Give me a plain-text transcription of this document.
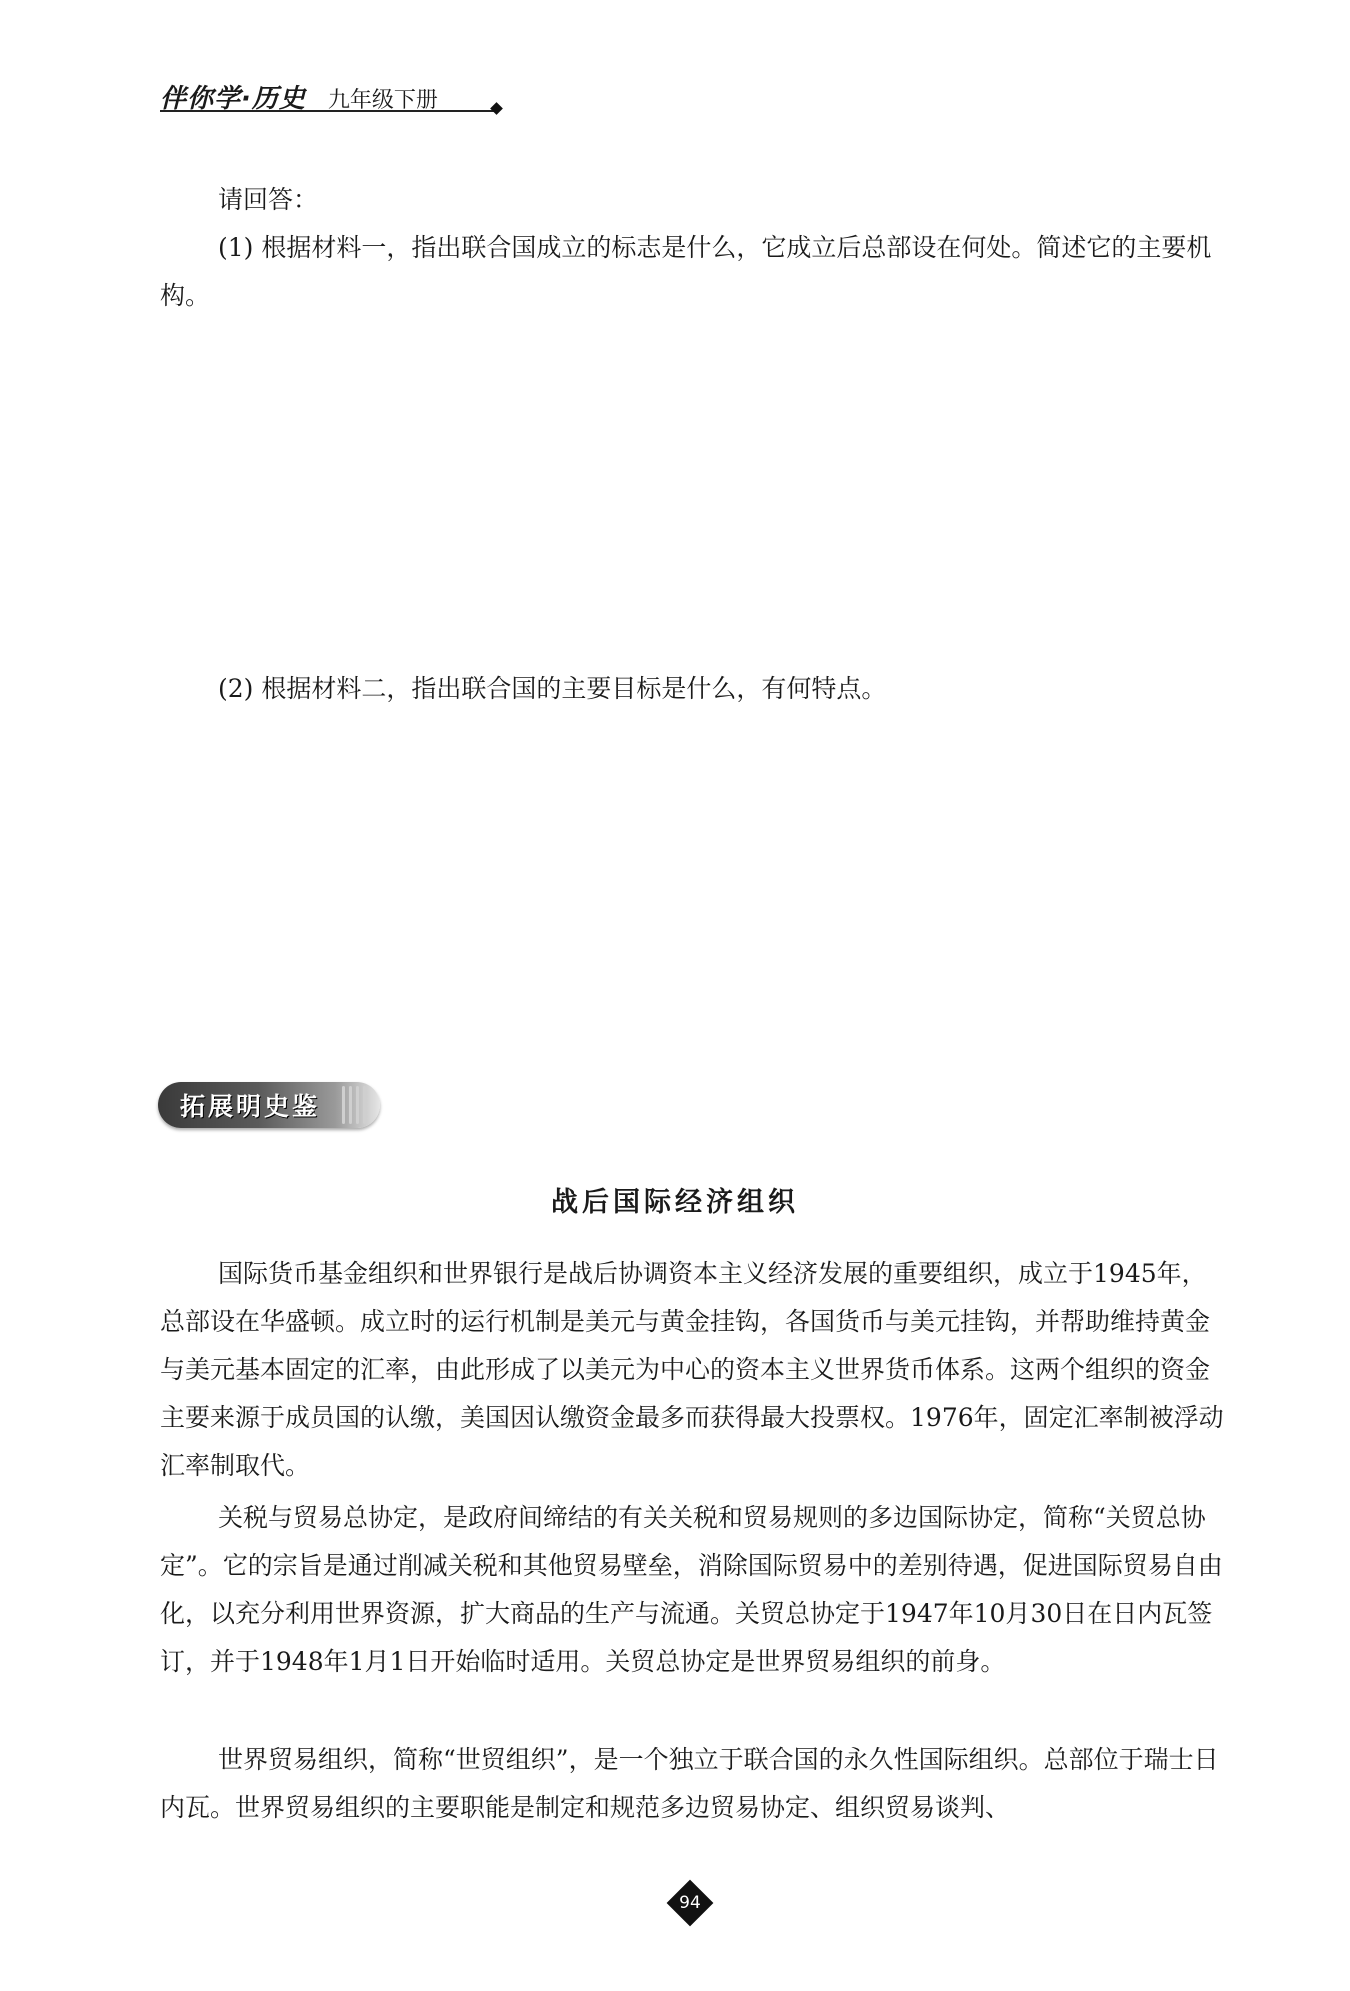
伴你学·历史 九年级下册

请回答：

(1) 根据材料一，指出联合国成立的标志是什么，它成立后总部设在何处。简述它的主要机构。

(2) 根据材料二，指出联合国的主要目标是什么，有何特点。

拓展明史鉴
战后国际经济组织

国际货币基金组织和世界银行是战后协调资本主义经济发展的重要组织，成立于1945年，总部设在华盛顿。成立时的运行机制是美元与黄金挂钩，各国货币与美元挂钩，并帮助维持黄金与美元基本固定的汇率，由此形成了以美元为中心的资本主义世界货币体系。这两个组织的资金主要来源于成员国的认缴，美国因认缴资金最多而获得最大投票权。1976年，固定汇率制被浮动汇率制取代。

关税与贸易总协定，是政府间缔结的有关关税和贸易规则的多边国际协定，简称“关贸总协定”。它的宗旨是通过削减关税和其他贸易壁垒，消除国际贸易中的差别待遇，促进国际贸易自由化，以充分利用世界资源，扩大商品的生产与流通。关贸总协定于1947年10月30日在日内瓦签订，并于1948年1月1日开始临时适用。关贸总协定是世界贸易组织的前身。

世界贸易组织，简称“世贸组织”，是一个独立于联合国的永久性国际组织。总部位于瑞士日内瓦。世界贸易组织的主要职能是制定和规范多边贸易协定、组织贸易谈判、

94
